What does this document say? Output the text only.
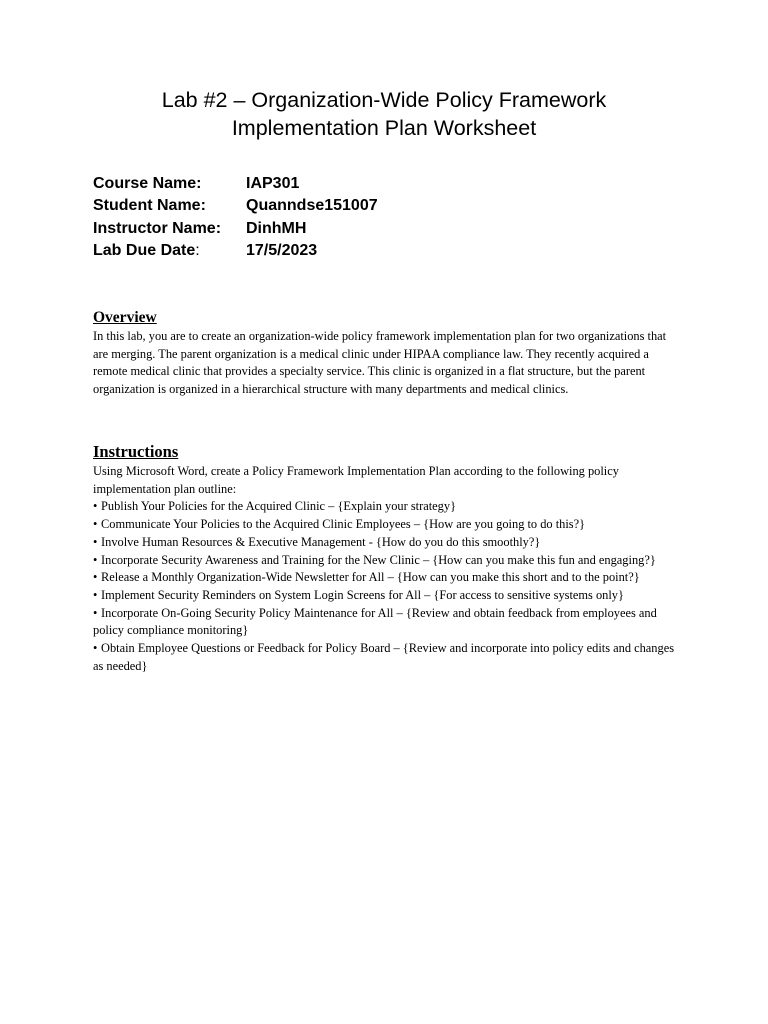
Lab #2 – Organization-Wide Policy Framework
Implementation Plan Worksheet
Course Name:	IAP301
Student Name:	Quanndse151007
Instructor Name:	DinhMH
Lab Due Date:	17/5/2023
Overview

In this lab, you are to create an organization-wide policy framework implementation plan for two organizations that are merging. The parent organization is a medical clinic under HIPAA compliance law. They recently acquired a remote medical clinic that provides a specialty service. This clinic is organized in a flat structure, but the parent organization is organized in a hierarchical structure with many departments and medical clinics.

Instructions

Using Microsoft Word, create a Policy Framework Implementation Plan according to the following policy implementation plan outline:

• Publish Your Policies for the Acquired Clinic – {Explain your strategy}
• Communicate Your Policies to the Acquired Clinic Employees – {How are you going to do this?}
• Involve Human Resources & Executive Management - {How do you do this smoothly?}
• Incorporate Security Awareness and Training for the New Clinic – {How can you make this fun and engaging?}
• Release a Monthly Organization-Wide Newsletter for All – {How can you make this short and to the point?}
• Implement Security Reminders on System Login Screens for All – {For access to sensitive systems only}
• Incorporate On-Going Security Policy Maintenance for All – {Review and obtain feedback from employees and policy compliance monitoring}
• Obtain Employee Questions or Feedback for Policy Board – {Review and incorporate into policy edits and changes as needed}
